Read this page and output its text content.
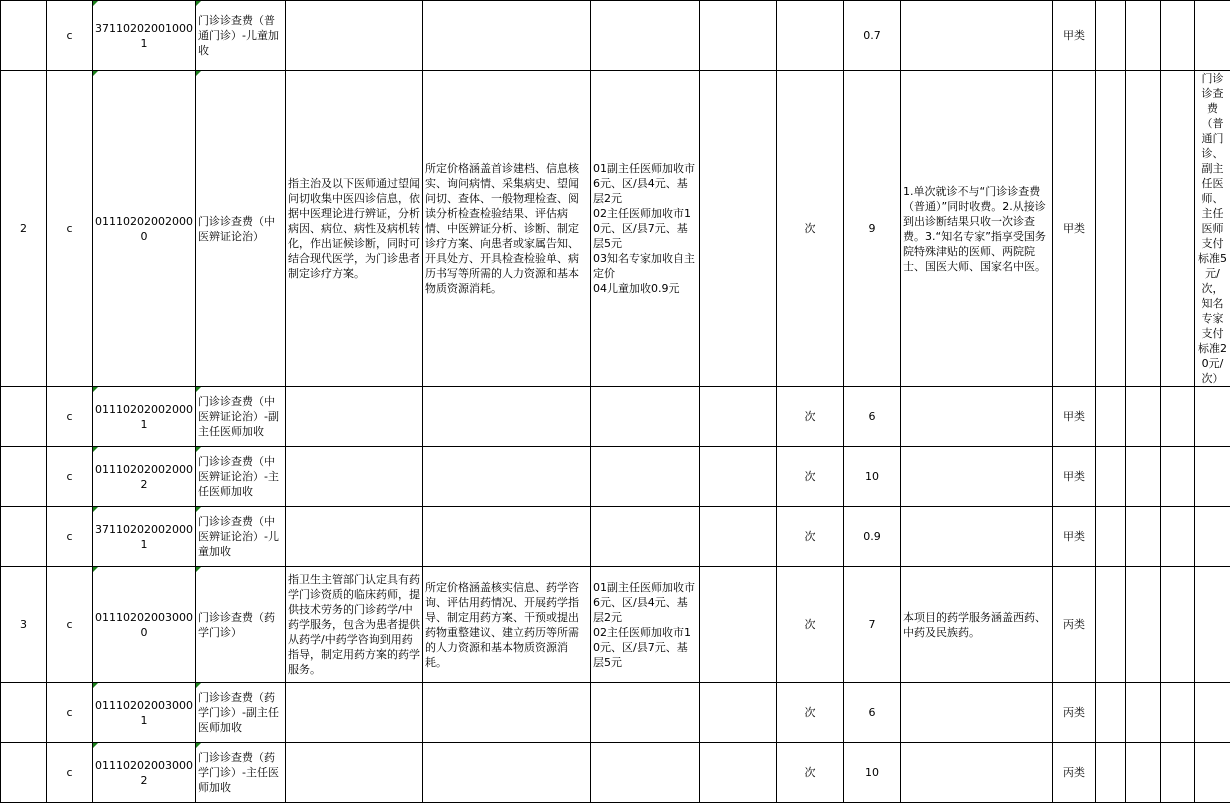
	c	371102020010001	门诊诊查费（普通门诊）-儿童加收						0.7		甲类				
2	c	011102020020000	门诊诊查费（中医辨证论治）	指主治及以下医师通过望闻问切收集中医四诊信息，依据中医理论进行辨证，分析病因、病位、病性及病机转化，作出证候诊断，同时可结合现代医学，为门诊患者制定诊疗方案。	所定价格涵盖首诊建档、信息核实、询问病情、采集病史、望闻问切、查体、一般物理检查、阅读分析检查检验结果、评估病情、中医辨证分析、诊断、制定诊疗方案、向患者或家属告知、开具处方、开具检查检验单、病历书写等所需的人力资源和基本物质资源消耗。	01副主任医师加收市6元、区/县4元、基层2元
02主任医师加收市10元、区/县7元、基层5元
03知名专家加收自主定价
04儿童加收0.9元		次	9	1.单次就诊不与“门诊诊查费（普通）”同时收费。2.从接诊到出诊断结果只收一次诊查费。3.“知名专家”指享受国务院特殊津贴的医师、两院院士、国医大师、国家名中医。	甲类				门诊诊查费（普通门诊、副主任医师、主任医师支付标准5元/次，知名专家支付标准20元/次）
	c	011102020020001	门诊诊查费（中医辨证论治）-副主任医师加收					次	6		甲类				
	c	011102020020002	门诊诊查费（中医辨证论治）-主任医师加收					次	10		甲类				
	c	371102020020001	门诊诊查费（中医辨证论治）-儿童加收					次	0.9		甲类				
3	c	011102020030000	门诊诊查费（药学门诊）	指卫生主管部门认定具有药学门诊资质的临床药师，提供技术劳务的门诊药学/中药学服务，包含为患者提供从药学/中药学咨询到用药指导，制定用药方案的药学服务。	所定价格涵盖核实信息、药学咨询、评估用药情况、开展药学指导、制定用药方案、干预或提出药物重整建议、建立药历等所需的人力资源和基本物质资源消耗。	01副主任医师加收市6元、区/县4元、基层2元
02主任医师加收市10元、区/县7元、基层5元		次	7	本项目的药学服务涵盖西药、中药及民族药。	丙类				
	c	011102020030001	门诊诊查费（药学门诊）-副主任医师加收					次	6		丙类				
	c	011102020030002	门诊诊查费（药学门诊）-主任医师加收					次	10		丙类				
